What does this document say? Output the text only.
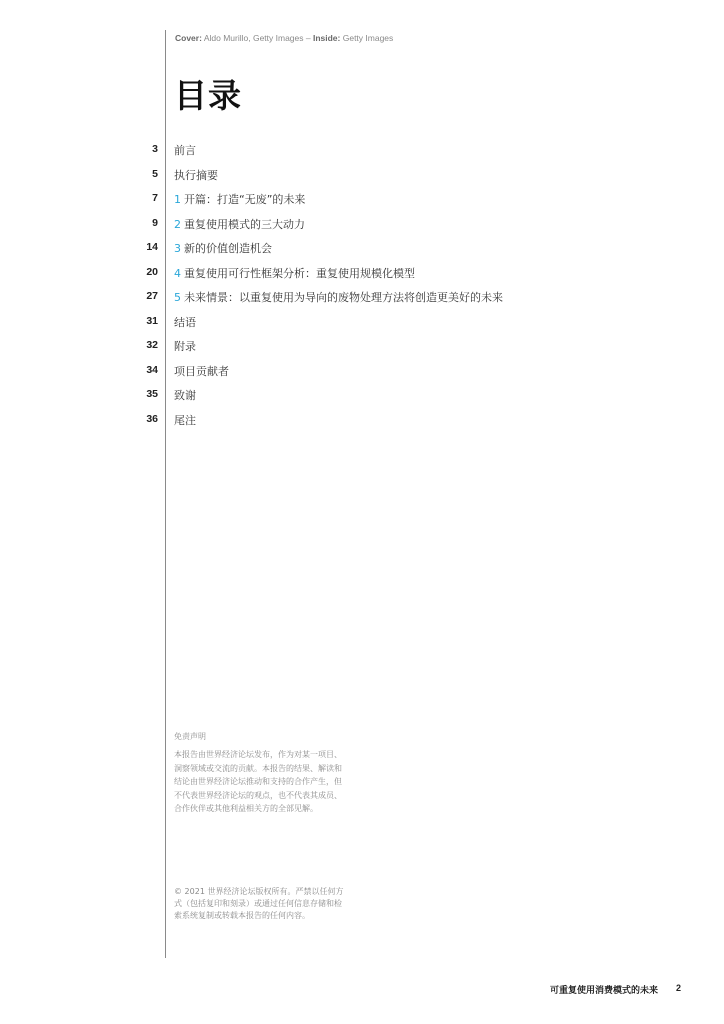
Cover: Aldo Murillo, Getty Images – Inside: Getty Images
目录
3 前言
5 执行摘要
7 1 开篇：打造“无废”的未来
9 2 重复使用模式的三大动力
14 3 新的价值创造机会
20 4 重复使用可行性框架分析：重复使用规模化模型
27 5 未来情景：以重复使用为导向的废物处理方法将创造更美好的未来
31 结语
32 附录
34 项目贡献者
35 致谢
36 尾注
免责声明
本报告由世界经济论坛发布，作为对某一项目、洞察领域或交流的贡献。本报告的结果、解读和结论由世界经济论坛推动和支持的合作产生，但不代表世界经济论坛的观点，也不代表其成员、合作伙伴或其他利益相关方的全部见解。
© 2021 世界经济论坛版权所有。严禁以任何方式（包括复印和刻录）或通过任何信息存储和检索系统复制或转载本报告的任何内容。
可重复使用消费模式的未来 2
